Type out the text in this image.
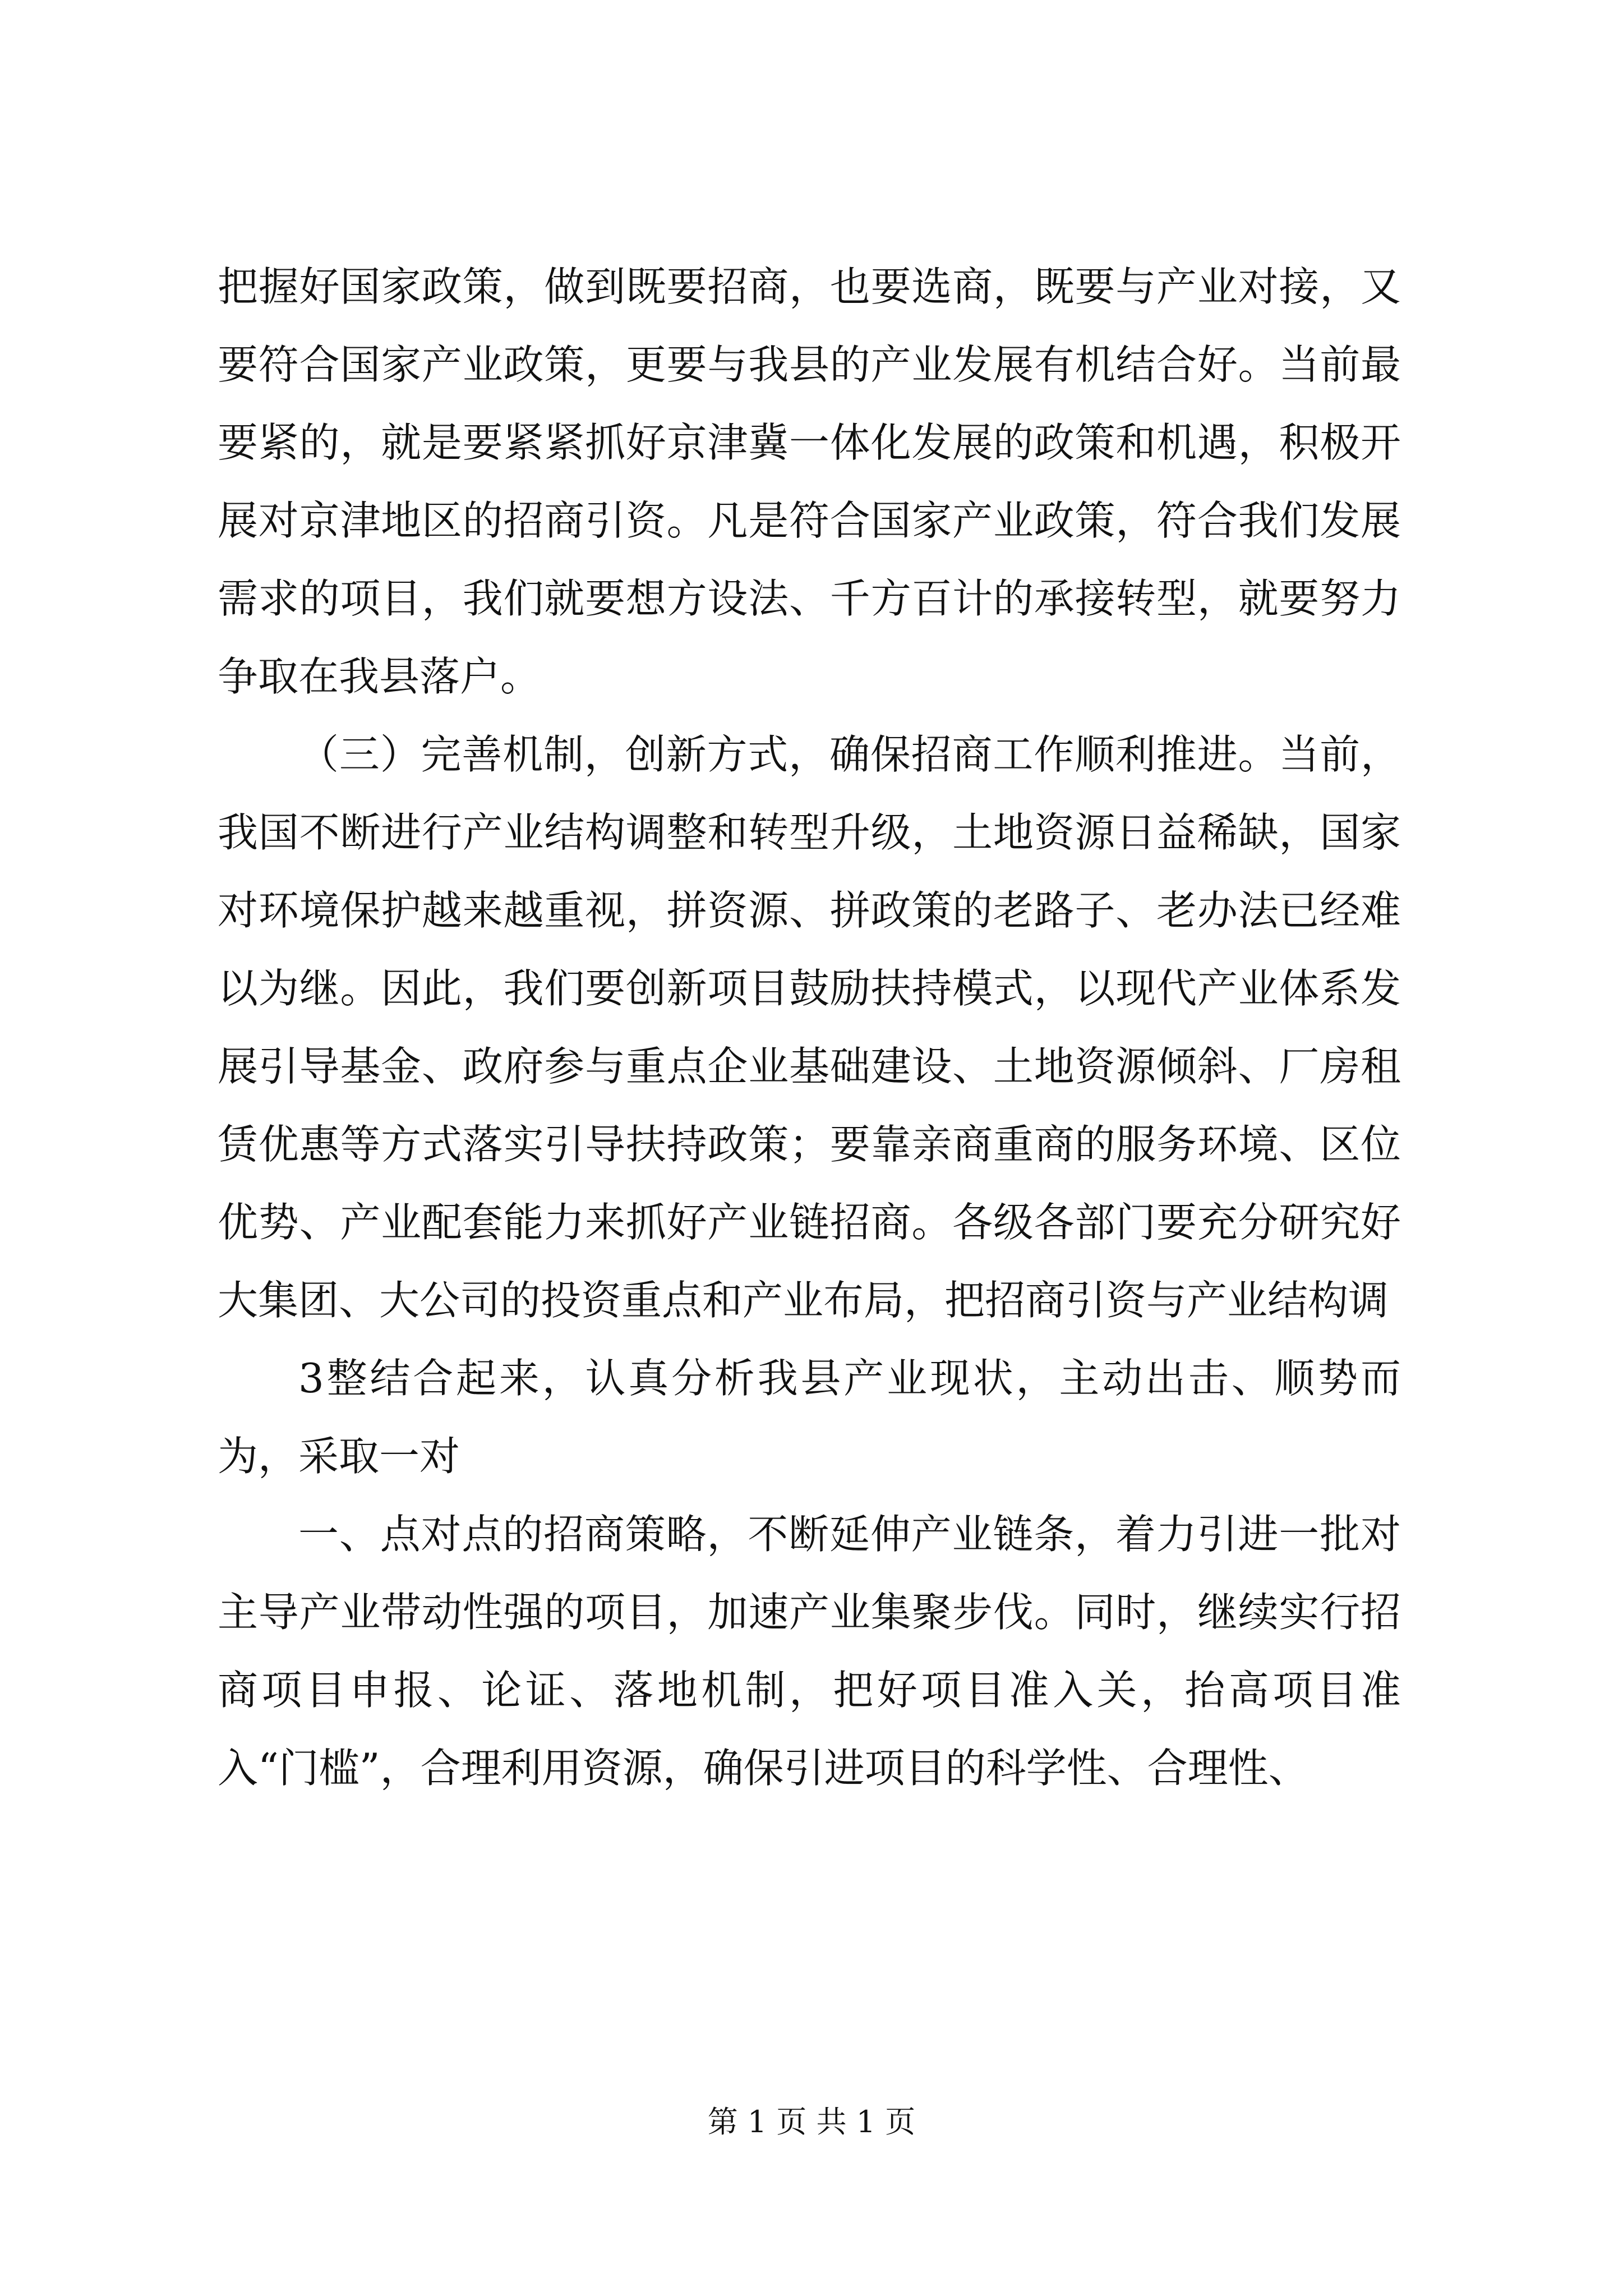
把握好国家政策，做到既要招商，也要选商，既要与产业对接，又要符合国家产业政策，更要与我县的产业发展有机结合好。当前最要紧的，就是要紧紧抓好京津冀一体化发展的政策和机遇，积极开展对京津地区的招商引资。凡是符合国家产业政策，符合我们发展需求的项目，我们就要想方设法、千方百计的承接转型，就要努力争取在我县落户。

（三）完善机制，创新方式，确保招商工作顺利推进。当前，我国不断进行产业结构调整和转型升级，土地资源日益稀缺，国家对环境保护越来越重视，拼资源、拼政策的老路子、老办法已经难以为继。因此，我们要创新项目鼓励扶持模式，以现代产业体系发展引导基金、政府参与重点企业基础建设、土地资源倾斜、厂房租赁优惠等方式落实引导扶持政策；要靠亲商重商的服务环境、区位优势、产业配套能力来抓好产业链招商。各级各部门要充分研究好大集团、大公司的投资重点和产业布局，把招商引资与产业结构调

3整结合起来，认真分析我县产业现状，主动出击、顺势而为，采取一对

一、点对点的招商策略，不断延伸产业链条，着力引进一批对主导产业带动性强的项目，加速产业集聚步伐。同时，继续实行招商项目申报、论证、落地机制，把好项目准入关，抬高项目准入“门槛”，合理利用资源，确保引进项目的科学性、合理性、

第 1 页 共 1 页
